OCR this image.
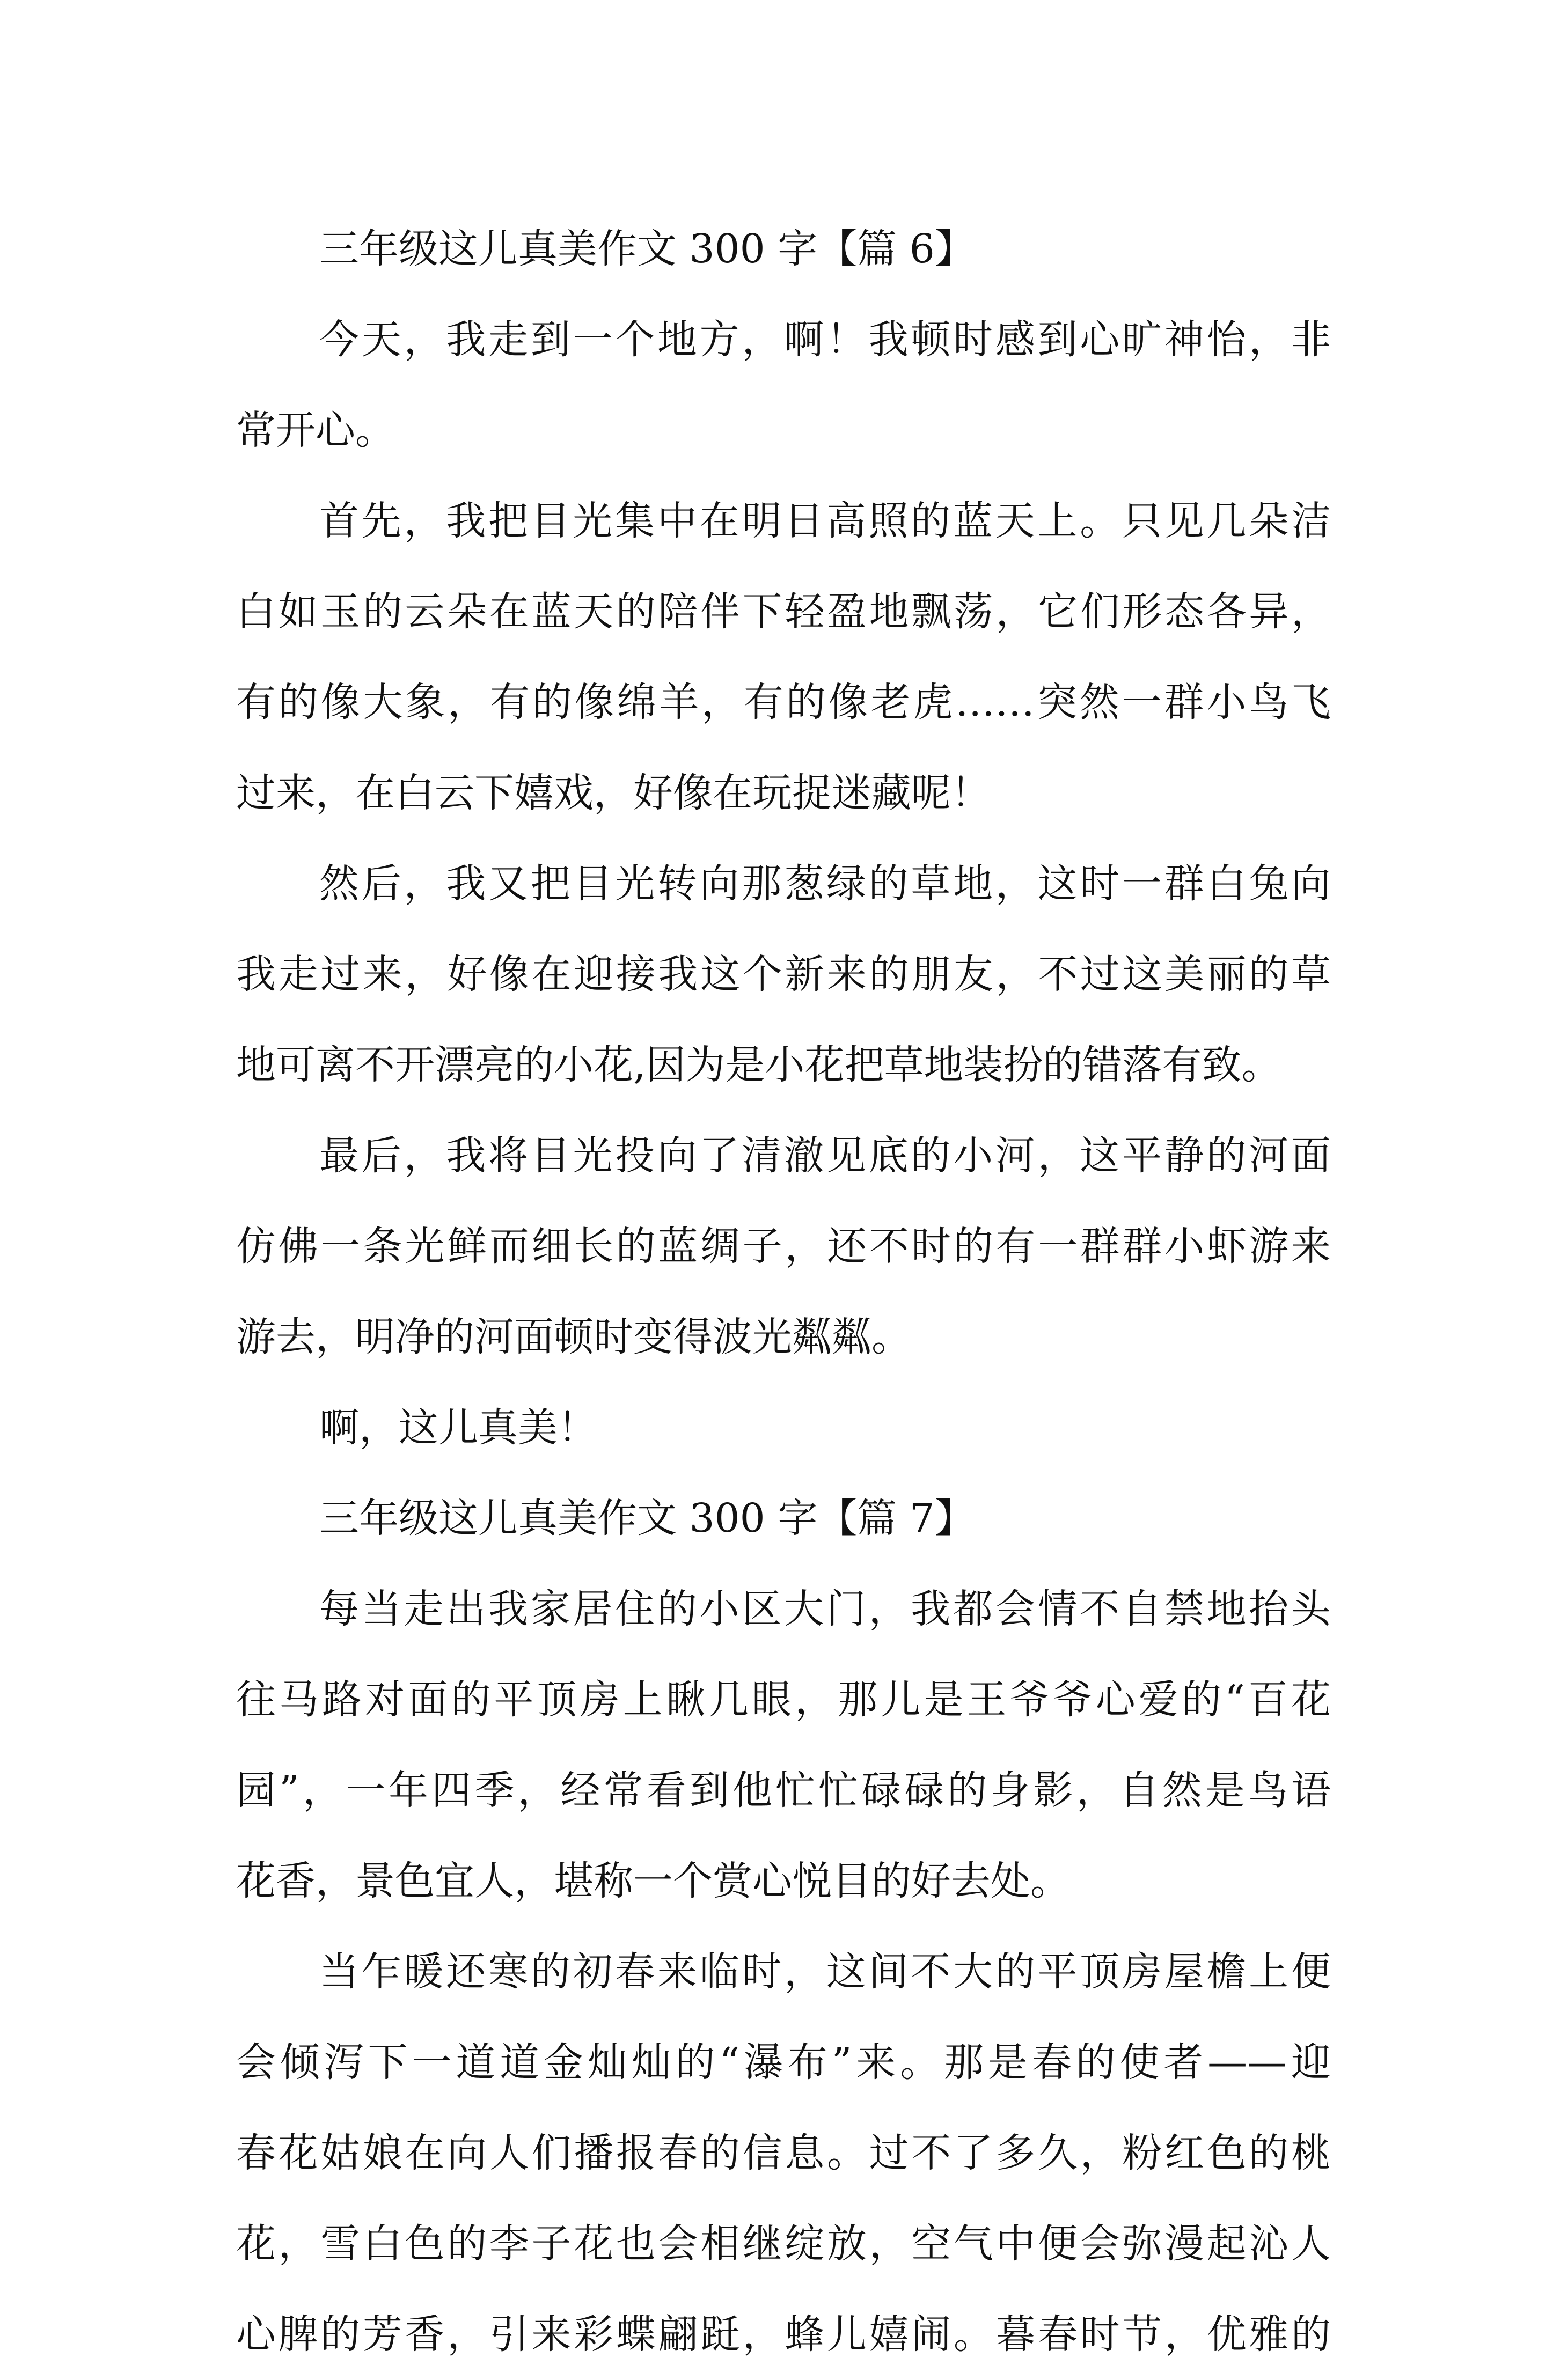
三年级这儿真美作文 300 字【篇 6】
今天，我走到一个地方，啊！我顿时感到心旷神怡，非
常开心。
首先，我把目光集中在明日高照的蓝天上。只见几朵洁
白如玉的云朵在蓝天的陪伴下轻盈地飘荡，它们形态各异，
有的像大象，有的像绵羊，有的像老虎……突然一群小鸟飞
过来，在白云下嬉戏，好像在玩捉迷藏呢！
然后，我又把目光转向那葱绿的草地，这时一群白兔向
我走过来，好像在迎接我这个新来的朋友，不过这美丽的草
地可离不开漂亮的小花,因为是小花把草地装扮的错落有致。
最后，我将目光投向了清澈见底的小河，这平静的河面
仿佛一条光鲜而细长的蓝绸子，还不时的有一群群小虾游来
游去，明净的河面顿时变得波光粼粼。
啊，这儿真美！
三年级这儿真美作文 300 字【篇 7】
每当走出我家居住的小区大门，我都会情不自禁地抬头
往马路对面的平顶房上瞅几眼，那儿是王爷爷心爱的“百花
园”，一年四季，经常看到他忙忙碌碌的身影，自然是鸟语
花香，景色宜人，堪称一个赏心悦目的好去处。
当乍暖还寒的初春来临时，这间不大的平顶房屋檐上便
会倾泻下一道道金灿灿的“瀑布”来。那是春的使者——迎
春花姑娘在向人们播报春的信息。过不了多久，粉红色的桃
花，雪白色的李子花也会相继绽放，空气中便会弥漫起沁人
心脾的芳香，引来彩蝶翩跹，蜂儿嬉闹。暮春时节，优雅的
